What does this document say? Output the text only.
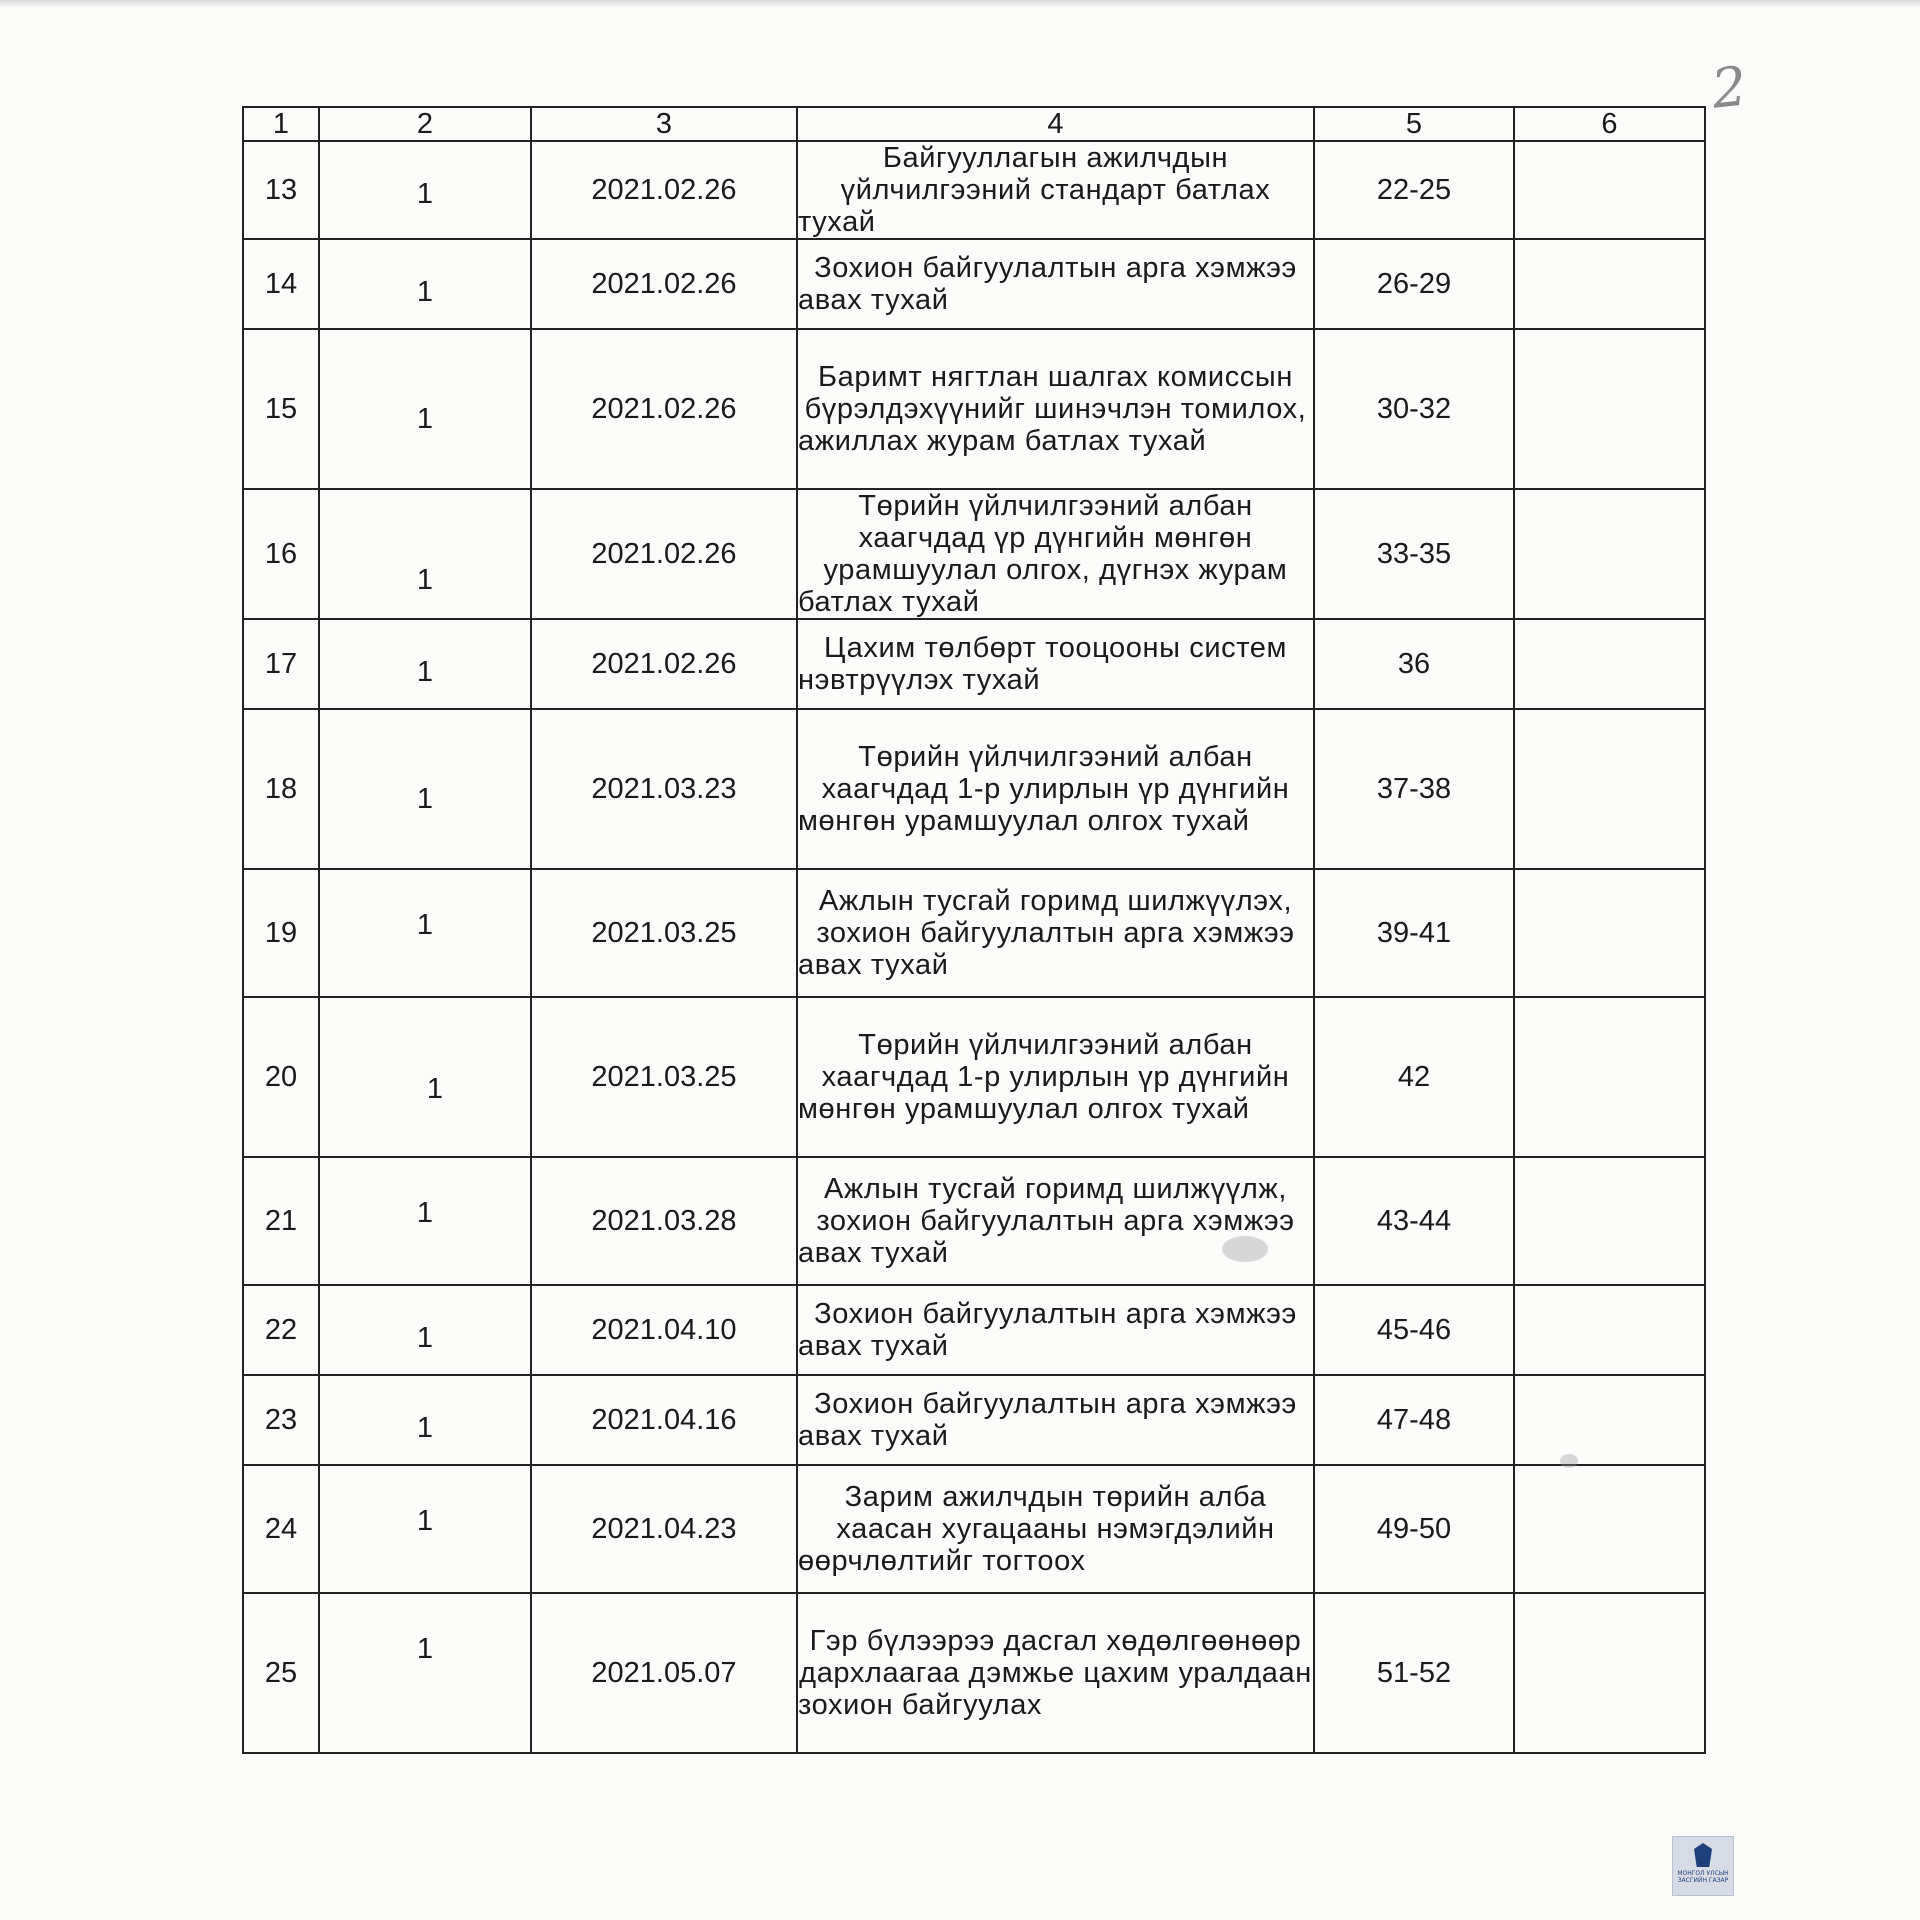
2
1	2	3	4	5	6
13	1	2021.02.26	Байгууллагын ажилчдын үйлчилгээний стандарт батлах тухай	22-25	
14	1	2021.02.26	Зохион байгуулалтын арга хэмжээ авах тухай	26-29	
15	1	2021.02.26	Баримт нягтлан шалгах комиссын бүрэлдэхүүнийг шинэчлэн томилох, ажиллах журам батлах тухай	30-32	
16	1	2021.02.26	Төрийн үйлчилгээний албан хаагчдад үр дүнгийн мөнгөн урамшуулал олгох, дүгнэх журам батлах тухай	33-35	
17	1	2021.02.26	Цахим төлбөрт тооцооны систем нэвтрүүлэх тухай	36	
18	1	2021.03.23	Төрийн үйлчилгээний албан хаагчдад 1-р улирлын үр дүнгийн мөнгөн урамшуулал олгох тухай	37-38	
19	1	2021.03.25	Ажлын тусгай горимд шилжүүлэх, зохион байгуулалтын арга хэмжээ авах тухай	39-41	
20	1	2021.03.25	Төрийн үйлчилгээний албан хаагчдад 1-р улирлын үр дүнгийн мөнгөн урамшуулал олгох тухай	42	
21	1	2021.03.28	Ажлын тусгай горимд шилжүүлж, зохион байгуулалтын арга хэмжээ авах тухай	43-44	
22	1	2021.04.10	Зохион байгуулалтын арга хэмжээ авах тухай	45-46	
23	1	2021.04.16	Зохион байгуулалтын арга хэмжээ авах тухай	47-48	
24	1	2021.04.23	Зарим ажилчдын төрийн алба хаасан хугацааны нэмэгдэлийн өөрчлөлтийг тогтоох	49-50	
25	1	2021.05.07	Гэр бүлээрээ дасгал хөдөлгөөнөөр дархлаагаа дэмжье цахим уралдаан зохион байгуулах	51-52	
МОНГОЛ УЛСЫН
ЗАСГИЙН ГАЗАР
